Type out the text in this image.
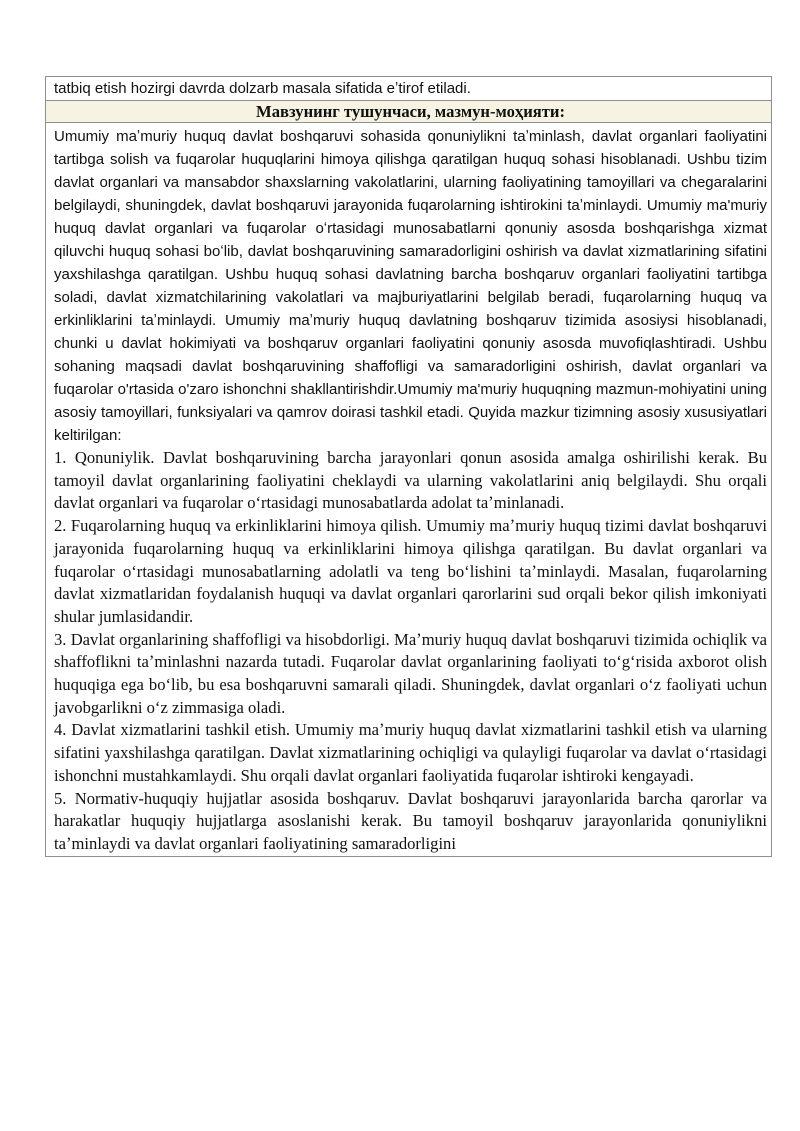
tatbiq etish hozirgi davrda dolzarb masala sifatida eʼtirof etiladi.
Мавзунинг тушунчаси, мазмун-моҳияти:

Umumiy maʼmuriy huquq davlat boshqaruvi sohasida qonuniylikni taʼminlash, davlat organlari faoliyatini tartibga solish va fuqarolar huquqlarini himoya qilishga qaratilgan huquq sohasi hisoblanadi. Ushbu tizim davlat organlari va mansabdor shaxslarning vakolatlarini, ularning faoliyatining tamoyillari va chegaralarini belgilaydi, shuningdek, davlat boshqaruvi jarayonida fuqarolarning ishtirokini taʼminlaydi. Umumiy ma'muriy huquq davlat organlari va fuqarolar oʻrtasidagi munosabatlarni qonuniy asosda boshqarishga xizmat qiluvchi huquq sohasi boʻlib, davlat boshqaruvining samaradorligini oshirish va davlat xizmatlarining sifatini yaxshilashga qaratilgan. Ushbu huquq sohasi davlatning barcha boshqaruv organlari faoliyatini tartibga soladi, davlat xizmatchilarining vakolatlari va majburiyatlarini belgilab beradi, fuqarolarning huquq va erkinliklarini taʼminlaydi. Umumiy maʼmuriy huquq davlatning boshqaruv tizimida asosiysi hisoblanadi, chunki u davlat hokimiyati va boshqaruv organlari faoliyatini qonuniy asosda muvofiqlashtiradi. Ushbu sohaning maqsadi davlat boshqaruvining shaffofligi va samaradorligini oshirish, davlat organlari va fuqarolar o'rtasida o'zaro ishonchni shakllantirishdir.Umumiy ma'muriy huquqning mazmun-mohiyatini uning asosiy tamoyillari, funksiyalari va qamrov doirasi tashkil etadi. Quyida mazkur tizimning asosiy xususiyatlari keltirilgan:
1. Qonuniylik. Davlat boshqaruvining barcha jarayonlari qonun asosida amalga oshirilishi kerak. Bu tamoyil davlat organlarining faoliyatini cheklaydi va ularning vakolatlarini aniq belgilaydi. Shu orqali davlat organlari va fuqarolar oʻrtasidagi munosabatlarda adolat taʼminlanadi.
2. Fuqarolarning huquq va erkinliklarini himoya qilish. Umumiy maʼmuriy huquq tizimi davlat boshqaruvi jarayonida fuqarolarning huquq va erkinliklarini himoya qilishga qaratilgan. Bu davlat organlari va fuqarolar oʻrtasidagi munosabatlarning adolatli va teng boʻlishini taʼminlaydi. Masalan, fuqarolarning davlat xizmatlaridan foydalanish huquqi va davlat organlari qarorlarini sud orqali bekor qilish imkoniyati shular jumlasidandir.
3. Davlat organlarining shaffofligi va hisobdorligi. Maʼmuriy huquq davlat boshqaruvi tizimida ochiqlik va shaffoflikni taʼminlashni nazarda tutadi. Fuqarolar davlat organlarining faoliyati toʻgʻrisida axborot olish huquqiga ega boʻlib, bu esa boshqaruvni samarali qiladi. Shuningdek, davlat organlari oʻz faoliyati uchun javobgarlikni oʻz zimmasiga oladi.
4. Davlat xizmatlarini tashkil etish. Umumiy maʼmuriy huquq davlat xizmatlarini tashkil etish va ularning sifatini yaxshilashga qaratilgan. Davlat xizmatlarining ochiqligi va qulayligi fuqarolar va davlat oʻrtasidagi ishonchni mustahkamlaydi. Shu orqali davlat organlari faoliyatida fuqarolar ishtiroki kengayadi.
5. Normativ-huquqiy hujjatlar asosida boshqaruv. Davlat boshqaruvi jarayonlarida barcha qarorlar va harakatlar huquqiy hujjatlarga asoslanishi kerak. Bu tamoyil boshqaruv jarayonlarida qonuniylikni taʼminlaydi va davlat organlari faoliyatining samaradorligini
